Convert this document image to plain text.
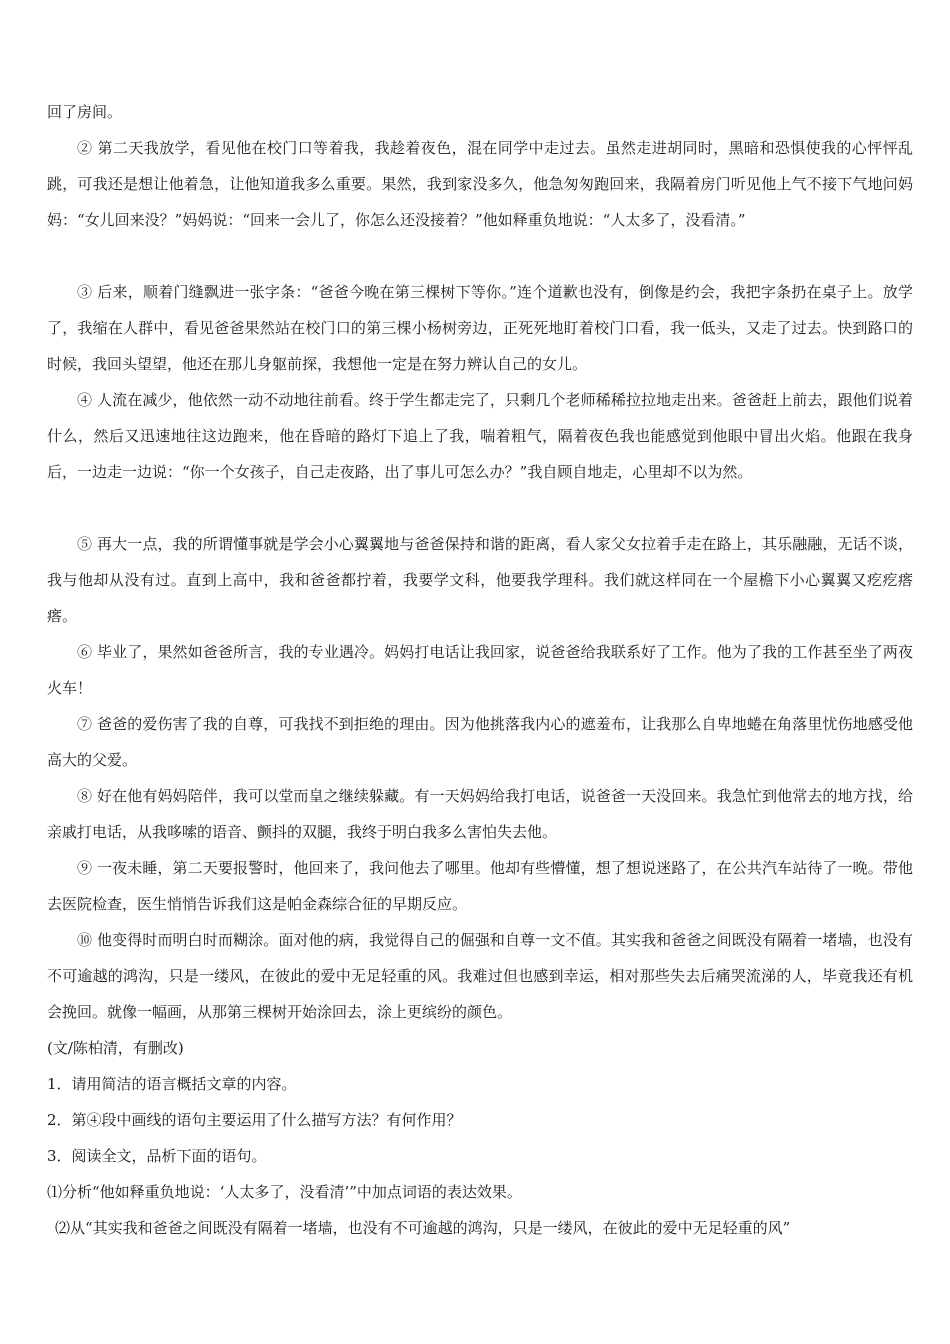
回了房间。

② 第二天我放学，看见他在校门口等着我，我趁着夜色，混在同学中走过去。虽然走进胡同时，黑暗和恐惧使我的心怦怦乱跳，可我还是想让他着急，让他知道我多么重要。果然，我到家没多久，他急匆匆跑回来，我隔着房门听见他上气不接下气地问妈妈：“女儿回来没？”妈妈说：“回来一会儿了，你怎么还没接着？”他如释重负地说：“人太多了，没看清。”

③ 后来，顺着门缝飘进一张字条：“爸爸今晚在第三棵树下等你。”连个道歉也没有，倒像是约会，我把字条扔在桌子上。放学了，我缩在人群中，看见爸爸果然站在校门口的第三棵小杨树旁边，正死死地盯着校门口看，我一低头，又走了过去。快到路口的时候，我回头望望，他还在那儿身躯前探，我想他一定是在努力辨认自己的女儿。

④ 人流在减少，他依然一动不动地往前看。终于学生都走完了，只剩几个老师稀稀拉拉地走出来。爸爸赶上前去，跟他们说着什么，然后又迅速地往这边跑来，他在昏暗的路灯下追上了我，喘着粗气，隔着夜色我也能感觉到他眼中冒出火焰。他跟在我身后，一边走一边说：“你一个女孩子，自己走夜路，出了事儿可怎么办？”我自顾自地走，心里却不以为然。

⑤ 再大一点，我的所谓懂事就是学会小心翼翼地与爸爸保持和谐的距离，看人家父女拉着手走在路上，其乐融融，无话不谈，我与他却从没有过。直到上高中，我和爸爸都拧着，我要学文科，他要我学理科。我们就这样同在一个屋檐下小心翼翼又疙疙瘩瘩。

⑥ 毕业了，果然如爸爸所言，我的专业遇冷。妈妈打电话让我回家，说爸爸给我联系好了工作。他为了我的工作甚至坐了两夜火车！

⑦ 爸爸的爱伤害了我的自尊，可我找不到拒绝的理由。因为他挑落我内心的遮羞布，让我那么自卑地蜷在角落里忧伤地感受他高大的父爱。

⑧ 好在他有妈妈陪伴，我可以堂而皇之继续躲藏。有一天妈妈给我打电话，说爸爸一天没回来。我急忙到他常去的地方找，给亲戚打电话，从我哆嗦的语音、颤抖的双腿，我终于明白我多么害怕失去他。

⑨ 一夜未睡，第二天要报警时，他回来了，我问他去了哪里。他却有些懵懂，想了想说迷路了，在公共汽车站待了一晚。带他去医院检查，医生悄悄告诉我们这是帕金森综合征的早期反应。

⑩ 他变得时而明白时而糊涂。面对他的病，我觉得自己的倔强和自尊一文不值。其实我和爸爸之间既没有隔着一堵墙，也没有不可逾越的鸿沟，只是一缕风，在彼此的爱中无足轻重的风。我难过但也感到幸运，相对那些失去后痛哭流涕的人，毕竟我还有机会挽回。就像一幅画，从那第三棵树开始涂回去，涂上更缤纷的颜色。

(文/陈柏清，有删改)

1．请用简洁的语言概括文章的内容。

2．第④段中画线的语句主要运用了什么描写方法？有何作用？

3．阅读全文，品析下面的语句。

⑴分析“他如释重负地说：‘人太多了，没看清’”中加点词语的表达效果。

⑵从“其实我和爸爸之间既没有隔着一堵墙，也没有不可逾越的鸿沟，只是一缕风，在彼此的爱中无足轻重的风”
